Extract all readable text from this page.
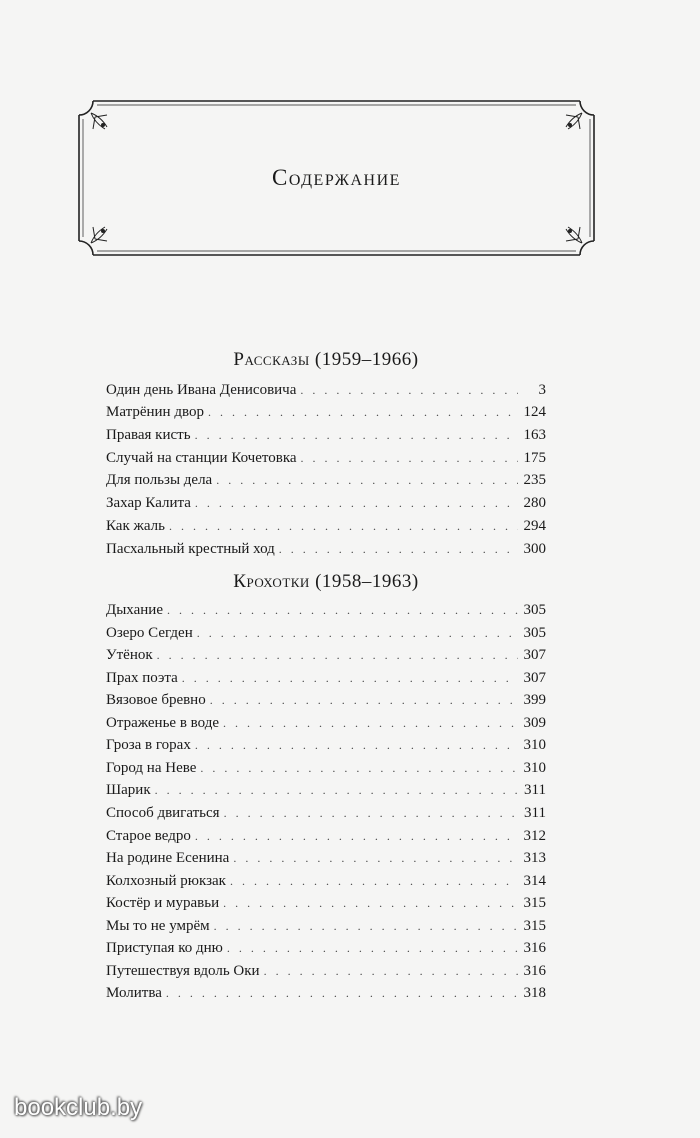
Содержание
Рассказы (1959–1966)
Один день Ивана Денисовича . . .	3
Матрёнин двор . . .	124
Правая кисть . . .	163
Случай на станции Кочетовка . . .	175
Для пользы дела . . .	235
Захар Калита . . .	280
Как жаль . . .	294
Пасхальный крестный ход . . .	300
Крохотки (1958–1963)
Дыхание . . .	305
Озеро Сегден . . .	305
Утёнок . . .	307
Прах поэта . . .	307
Вязовое бревно . . .	399
Отраженье в воде . . .	309
Гроза в горах . . .	310
Город на Неве . . .	310
Шарик . . .	311
Способ двигаться . . .	311
Старое ведро . . .	312
На родине Есенина . . .	313
Колхозный рюкзак . . .	314
Костёр и муравьи . . .	315
Мы то не умрём . . .	315
Приступая ко дню . . .	316
Путешествуя вдоль Оки . . .	316
Молитва . . .	318
bookclub.by
